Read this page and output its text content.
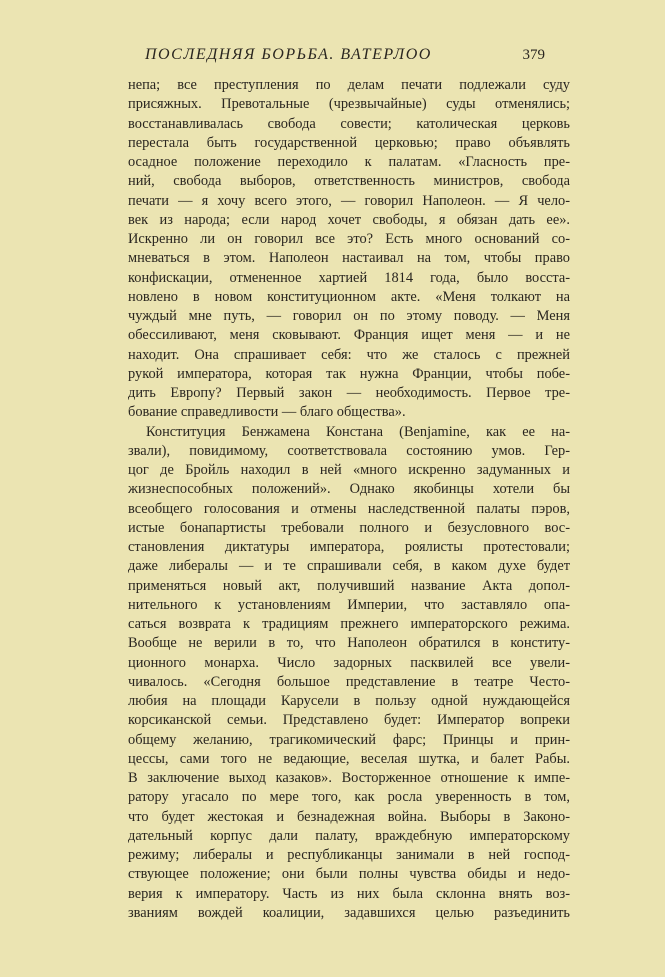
ПОСЛЕДНЯЯ БОРЬБА. ВАТЕРЛОО	379
непа; все преступления по делам печати подлежали суду
присяжных. Превотальные (чрезвычайные) суды отменялись;
восстанавливалась свобода совести; католическая церковь
перестала быть государственной церковью; право объявлять
осадное положение переходило к палатам. «Гласность пре-
ний, свобода выборов, ответственность министров, свобода
печати — я хочу всего этого, — говорил Наполеон. — Я чело-
век из народа; если народ хочет свободы, я обязан дать ее».
Искренно ли он говорил все это? Есть много оснований со-
мневаться в этом. Наполеон настаивал на том, чтобы право
конфискации, отмененное хартией 1814 года, было восста-
новлено в новом конституционном акте. «Меня толкают на
чуждый мне путь, — говорил он по этому поводу. — Меня
обессиливают, меня сковывают. Франция ищет меня — и не
находит. Она спрашивает себя: что же сталось с прежней
рукой императора, которая так нужна Франции, чтобы побе-
дить Европу? Первый закон — необходимость. Первое тре-
бование справедливости — благо общества».
Конституция Бенжамена Констана (Benjamine, как ее на-
звали), повидимому, соответствовала состоянию умов. Гер-
цог де Бройль находил в ней «много искренно задуманных и
жизнеспособных положений». Однако якобинцы хотели бы
всеобщего голосования и отмены наследственной палаты пэров,
истые бонапартисты требовали полного и безусловного вос-
становления диктатуры императора, роялисты протестовали;
даже либералы — и те спрашивали себя, в каком духе будет
применяться новый акт, получивший название Акта допол-
нительного к установлениям Империи, что заставляло опа-
саться возврата к традициям прежнего императорского режима.
Вообще не верили в то, что Наполеон обратился в конститу-
ционного монарха. Число задорных пасквилей все увели-
чивалось. «Сегодня большое представление в театре Често-
любия на площади Карусели в пользу одной нуждающейся
корсиканской семьи. Представлено будет: Император вопреки
общему желанию, трагикомический фарс; Принцы и прин-
цессы, сами того не ведающие, веселая шутка, и балет Рабы.
В заключение выход казаков». Восторженное отношение к импе-
ратору угасало по мере того, как росла уверенность в том,
что будет жестокая и безнадежная война. Выборы в Законо-
дательный корпус дали палату, враждебную императорскому
режиму; либералы и республиканцы занимали в ней господ-
ствующее положение; они были полны чувства обиды и недо-
верия к императору. Часть из них была склонна внять воз-
званиям вождей коалиции, задавшихся целью разъединить
